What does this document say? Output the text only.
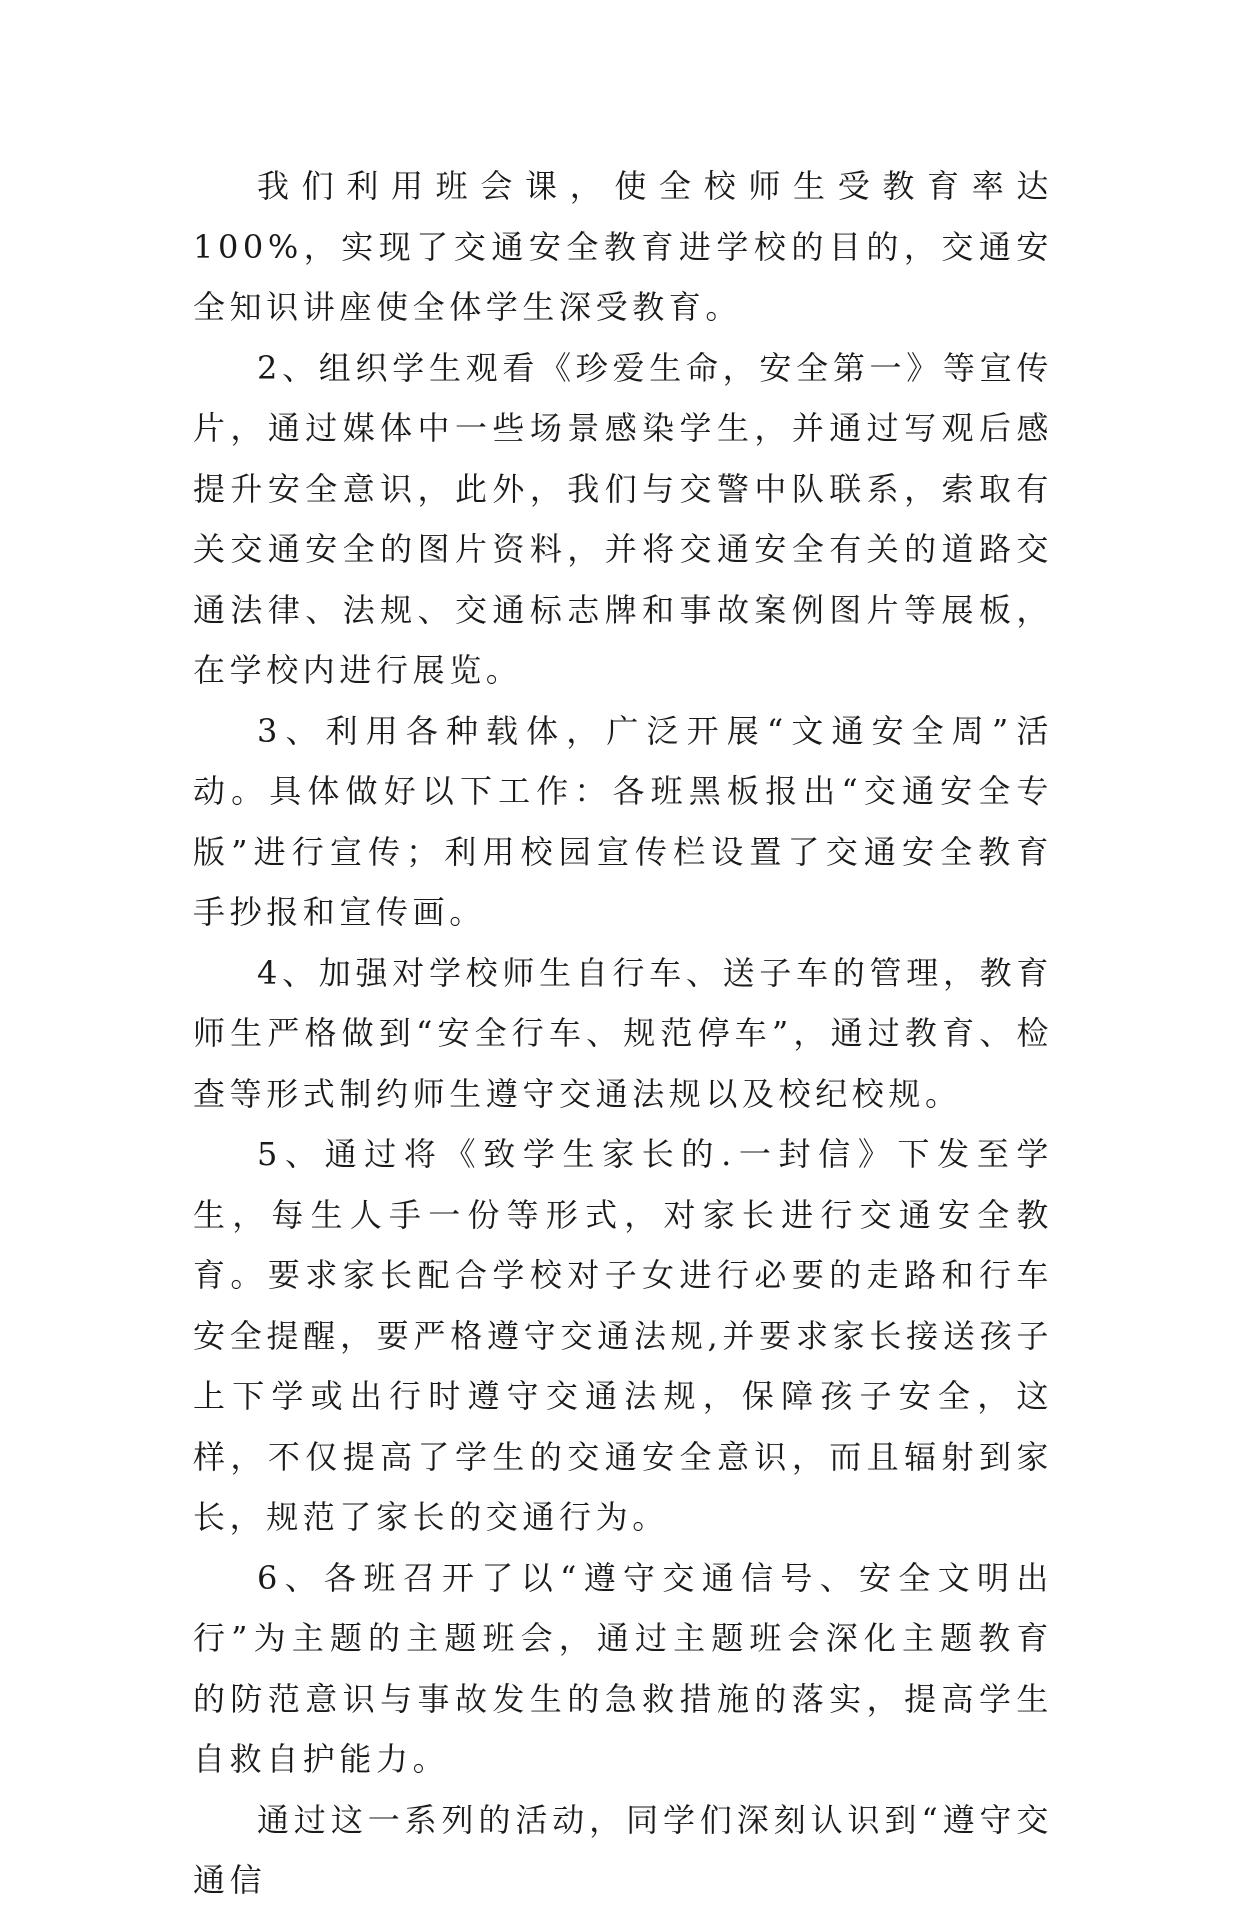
我们利用班会课，使全校师生受教育率达100%，实现了交通安全教育进学校的目的，交通安全知识讲座使全体学生深受教育。

2、组织学生观看《珍爱生命，安全第一》等宣传片，通过媒体中一些场景感染学生，并通过写观后感提升安全意识，此外，我们与交警中队联系，索取有关交通安全的图片资料，并将交通安全有关的道路交通法律、法规、交通标志牌和事故案例图片等展板，在学校内进行展览。

3、利用各种载体，广泛开展“文通安全周”活动。具体做好以下工作：各班黑板报出“交通安全专版”进行宣传；利用校园宣传栏设置了交通安全教育手抄报和宣传画。

4、加强对学校师生自行车、送子车的管理，教育师生严格做到“安全行车、规范停车”，通过教育、检查等形式制约师生遵守交通法规以及校纪校规。

5、通过将《致学生家长的.一封信》下发至学生，每生人手一份等形式，对家长进行交通安全教育。要求家长配合学校对子女进行必要的走路和行车安全提醒，要严格遵守交通法规,并要求家长接送孩子上下学或出行时遵守交通法规，保障孩子安全，这样，不仅提高了学生的交通安全意识，而且辐射到家长，规范了家长的交通行为。

6、各班召开了以“遵守交通信号、安全文明出行”为主题的主题班会，通过主题班会深化主题教育的防范意识与事故发生的急救措施的落实，提高学生自救自护能力。

通过这一系列的活动，同学们深刻认识到“遵守交通信
